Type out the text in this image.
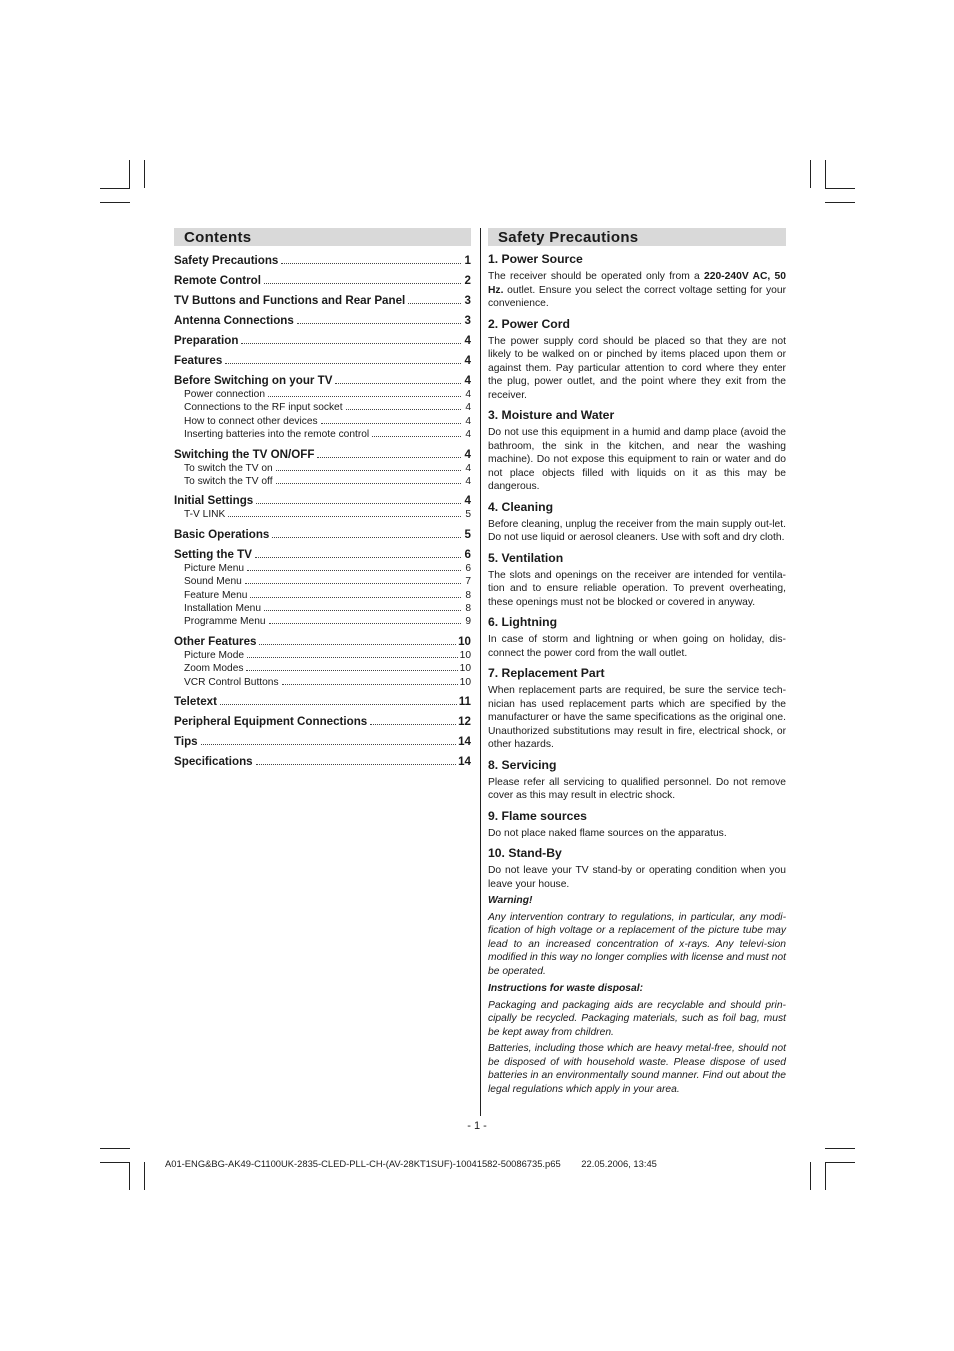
Contents
Safety Precautions	1
Remote Control	2
TV Buttons and Functions and Rear Panel	3
Antenna Connections	3
Preparation	4
Features	4
Before Switching on your TV	4
Power connection	4
Connections to the RF input socket	4
How to connect other devices	4
Inserting batteries into the remote control	4
Switching the TV ON/OFF	4
To switch the TV on	4
To switch the TV off	4
Initial Settings	4
T-V LINK	5
Basic Operations	5
Setting the TV	6
Picture Menu	6
Sound Menu	7
Feature Menu	8
Installation Menu	8
Programme Menu	9
Other Features	10
Picture Mode	10
Zoom Modes	10
VCR Control Buttons	10
Teletext	11
Peripheral Equipment Connections	12
Tips	14
Specifications	14
Safety Precautions
1. Power Source

The receiver should be operated only from a 220-240V AC, 50 Hz. outlet. Ensure you select the correct voltage setting for your convenience.

2. Power Cord

The power supply cord should be placed so that they are not likely to be walked on or pinched by items placed upon them or against them. Pay particular attention to cord where they enter the plug, power outlet, and the point where they exit from the receiver.

3. Moisture and Water

Do not use this equipment in a humid and damp place (avoid the bathroom, the sink in the kitchen, and near the washing machine). Do not expose this equipment to rain or water and do not place objects filled with liquids on it as this may be dangerous.

4. Cleaning

Before cleaning, unplug the receiver from the main supply out-let. Do not use liquid or aerosol cleaners. Use with soft and dry cloth.

5. Ventilation

The slots and openings on the receiver are intended for ventila-tion and to ensure reliable operation. To prevent overheating, these openings must not be blocked or covered in anyway.

6. Lightning

In case of storm and lightning or when going on holiday, dis-connect the power cord from the wall outlet.

7. Replacement Part

When replacement parts are required, be sure the service tech-nician has used replacement parts which are specified by the manufacturer or have the same specifications as the original one. Unauthorized substitutions may result in fire, electrical shock, or other hazards.

8. Servicing

Please refer all servicing to qualified personnel. Do not remove cover as this may result in electric shock.

9. Flame sources

Do not place naked flame sources on the apparatus.

10. Stand-By

Do not leave your TV stand-by or operating condition when you leave your house.

Warning!

Any intervention contrary to regulations, in particular, any modi-fication of high voltage or a replacement of the picture tube may lead to an increased concentration of x-rays. Any televi-sion modified in this way no longer complies with license and must not be operated.

Instructions for waste disposal:

Packaging and packaging aids are recyclable and should prin-cipally be recycled. Packaging materials, such as foil bag, must be kept away from children.

Batteries, including those which are heavy metal-free, should not be disposed of with household waste. Please dispose of used batteries in an environmentally sound manner. Find out about the legal regulations which apply in your area.

- 1 -
A01-ENG&BG-AK49-C1100UK-2835-CLED-PLL-CH-(AV-28KT1SUF)-10041582-50086735.p65 22.05.2006, 13:45
